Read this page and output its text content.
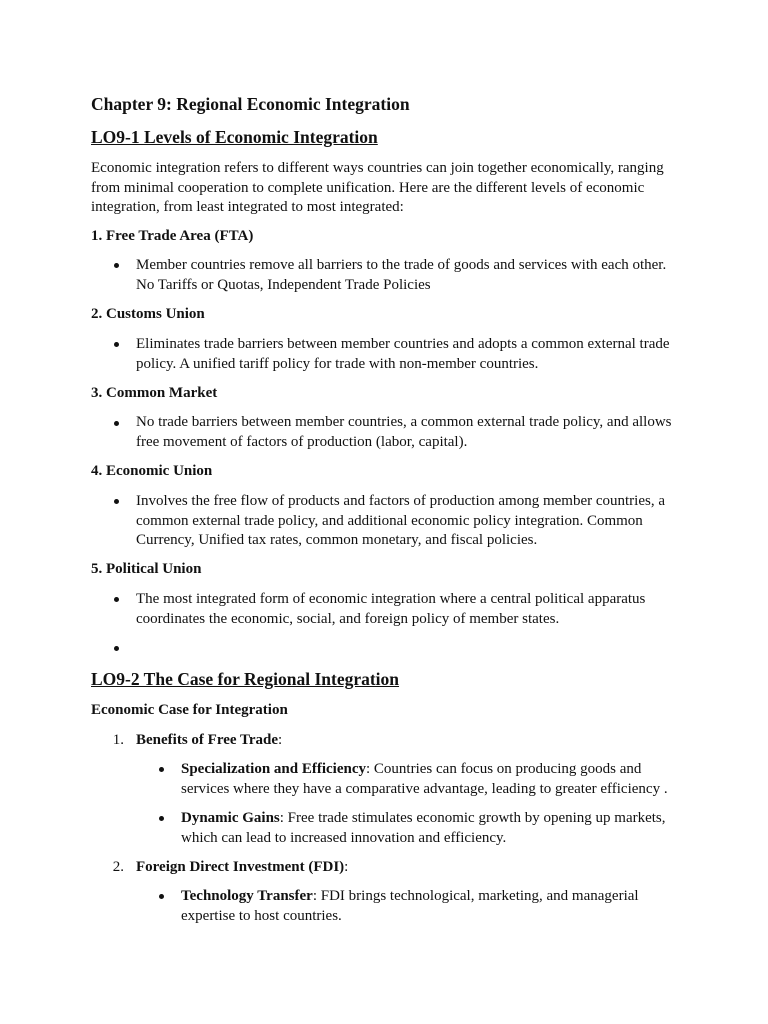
Chapter 9: Regional Economic Integration
LO9-1 Levels of Economic Integration

Economic integration refers to different ways countries can join together economically, ranging from minimal cooperation to complete unification. Here are the different levels of economic integration, from least integrated to most integrated:

1. Free Trade Area (FTA)

Member countries remove all barriers to the trade of goods and services with each other. No Tariffs or Quotas, Independent Trade Policies

2. Customs Union

Eliminates trade barriers between member countries and adopts a common external trade policy. A unified tariff policy for trade with non-member countries.

3. Common Market

No trade barriers between member countries, a common external trade policy, and allows free movement of factors of production (labor, capital).

4. Economic Union

Involves the free flow of products and factors of production among member countries, a common external trade policy, and additional economic policy integration. Common Currency, Unified tax rates, common monetary, and fiscal policies.

5. Political Union

The most integrated form of economic integration where a central political apparatus coordinates the economic, social, and foreign policy of member states.

LO9-2 The Case for Regional Integration

Economic Case for Integration

1. Benefits of Free Trade:

Specialization and Efficiency: Countries can focus on producing goods and services where they have a comparative advantage, leading to greater efficiency .

Dynamic Gains: Free trade stimulates economic growth by opening up markets, which can lead to increased innovation and efficiency.

2. Foreign Direct Investment (FDI):

Technology Transfer: FDI brings technological, marketing, and managerial expertise to host countries.
